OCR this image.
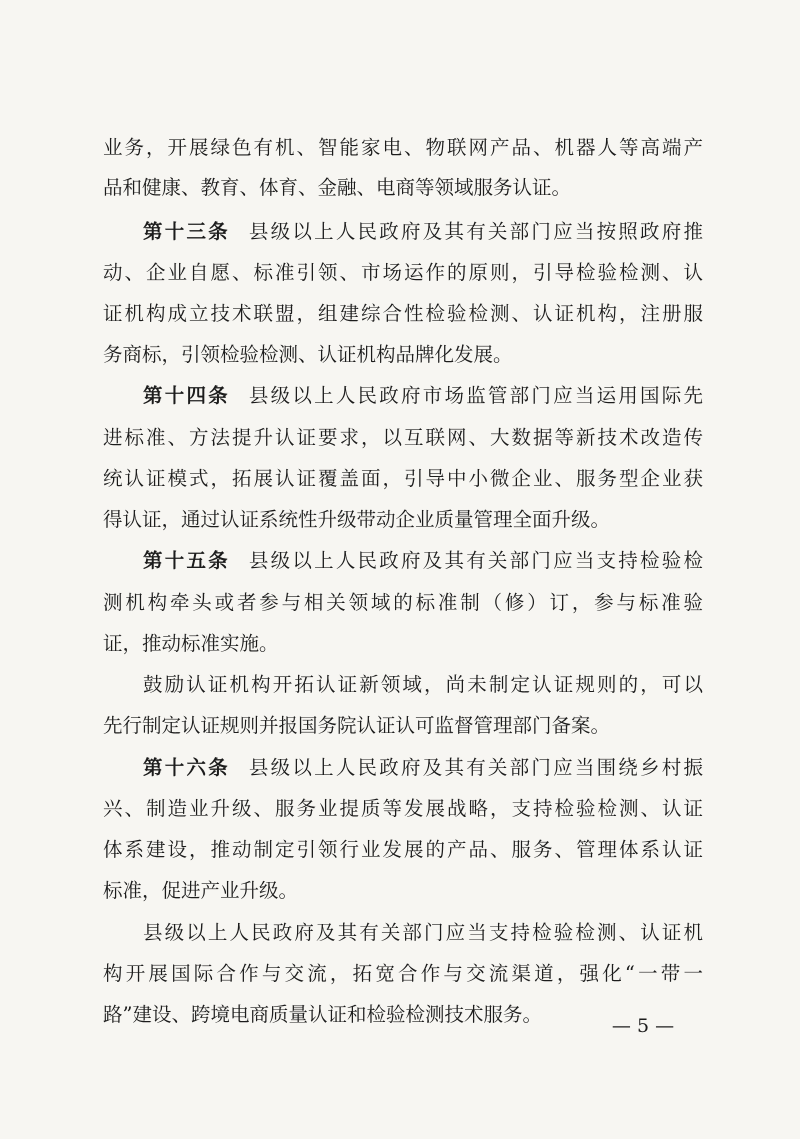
业务，开展绿色有机、智能家电、物联网产品、机器人等高端产
品和健康、教育、体育、金融、电商等领域服务认证。
第十三条 县级以上人民政府及其有关部门应当按照政府推
动、企业自愿、标准引领、市场运作的原则，引导检验检测、认
证机构成立技术联盟，组建综合性检验检测、认证机构，注册服
务商标，引领检验检测、认证机构品牌化发展。
第十四条 县级以上人民政府市场监管部门应当运用国际先
进标准、方法提升认证要求，以互联网、大数据等新技术改造传
统认证模式，拓展认证覆盖面，引导中小微企业、服务型企业获
得认证，通过认证系统性升级带动企业质量管理全面升级。
第十五条 县级以上人民政府及其有关部门应当支持检验检
测机构牵头或者参与相关领域的标准制（修）订，参与标准验
证，推动标准实施。
鼓励认证机构开拓认证新领域，尚未制定认证规则的，可以
先行制定认证规则并报国务院认证认可监督管理部门备案。
第十六条 县级以上人民政府及其有关部门应当围绕乡村振
兴、制造业升级、服务业提质等发展战略，支持检验检测、认证
体系建设，推动制定引领行业发展的产品、服务、管理体系认证
标准，促进产业升级。
县级以上人民政府及其有关部门应当支持检验检测、认证机
构开展国际合作与交流，拓宽合作与交流渠道，强化“一带一
路”建设、跨境电商质量认证和检验检测技术服务。	— 5 —
